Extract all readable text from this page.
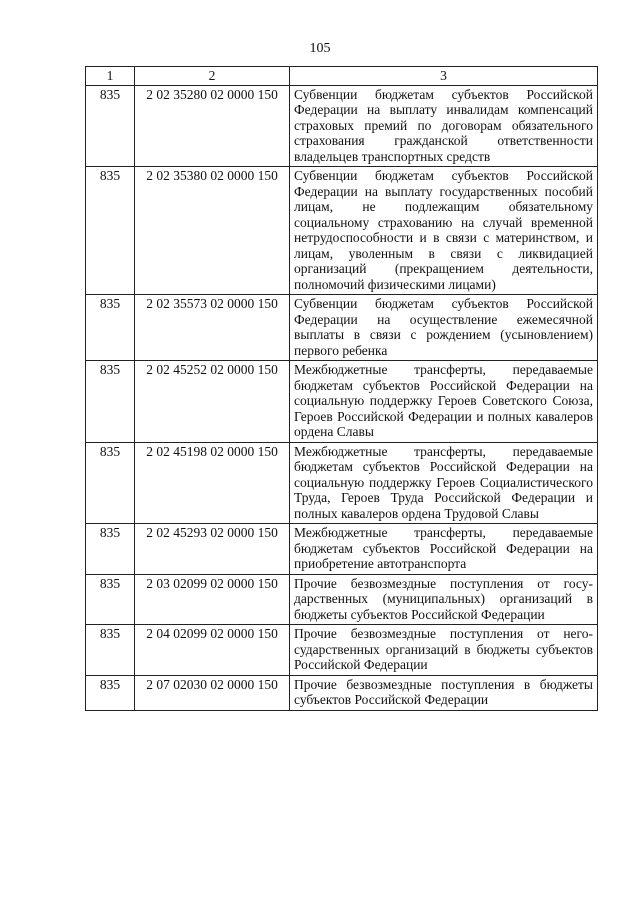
105
1	2	3
835	2 02 35280 02 0000 150	Субвенции бюджетам субъектов Российской Федерации на выплату инвалидам компенсаций страховых премий по договорам обязательного страхования гражданской ответственности владельцев транспортных средств
835	2 02 35380 02 0000 150	Субвенции бюджетам субъектов Российской Федерации на выплату государственных пособий лицам, не подлежащим обязательному социальному страхованию на случай временной нетрудоспособности и в связи с материнством, и лицам, уволенным в связи с ликвидацией организаций (прекращением деятельности, полномочий физическими лицами)
835	2 02 35573 02 0000 150	Субвенции бюджетам субъектов Российской Федерации на осуществление ежемесячной выплаты в связи с рождением (усыновлением) первого ребенка
835	2 02 45252 02 0000 150	Межбюджетные трансферты, передаваемые бюджетам субъектов Российской Федерации на социальную поддержку Героев Советского Союза, Героев Российской Федерации и полных кавалеров ордена Славы
835	2 02 45198 02 0000 150	Межбюджетные трансферты, передаваемые бюджетам субъектов Российской Федерации на социальную поддержку Героев Социалистического Труда, Героев Труда Российской Федерации и полных кавалеров ордена Трудовой Славы
835	2 02 45293 02 0000 150	Межбюджетные трансферты, передаваемые бюджетам субъектов Российской Федерации на приобретение автотранспорта
835	2 03 02099 02 0000 150	Прочие безвозмездные поступления от государственных (муниципальных) организаций в бюджеты субъектов Российской Федерации
835	2 04 02099 02 0000 150	Прочие безвозмездные поступления от негосударственных организаций в бюджеты субъектов Российской Федерации
835	2 07 02030 02 0000 150	Прочие безвозмездные поступления в бюджеты субъектов Российской Федерации
